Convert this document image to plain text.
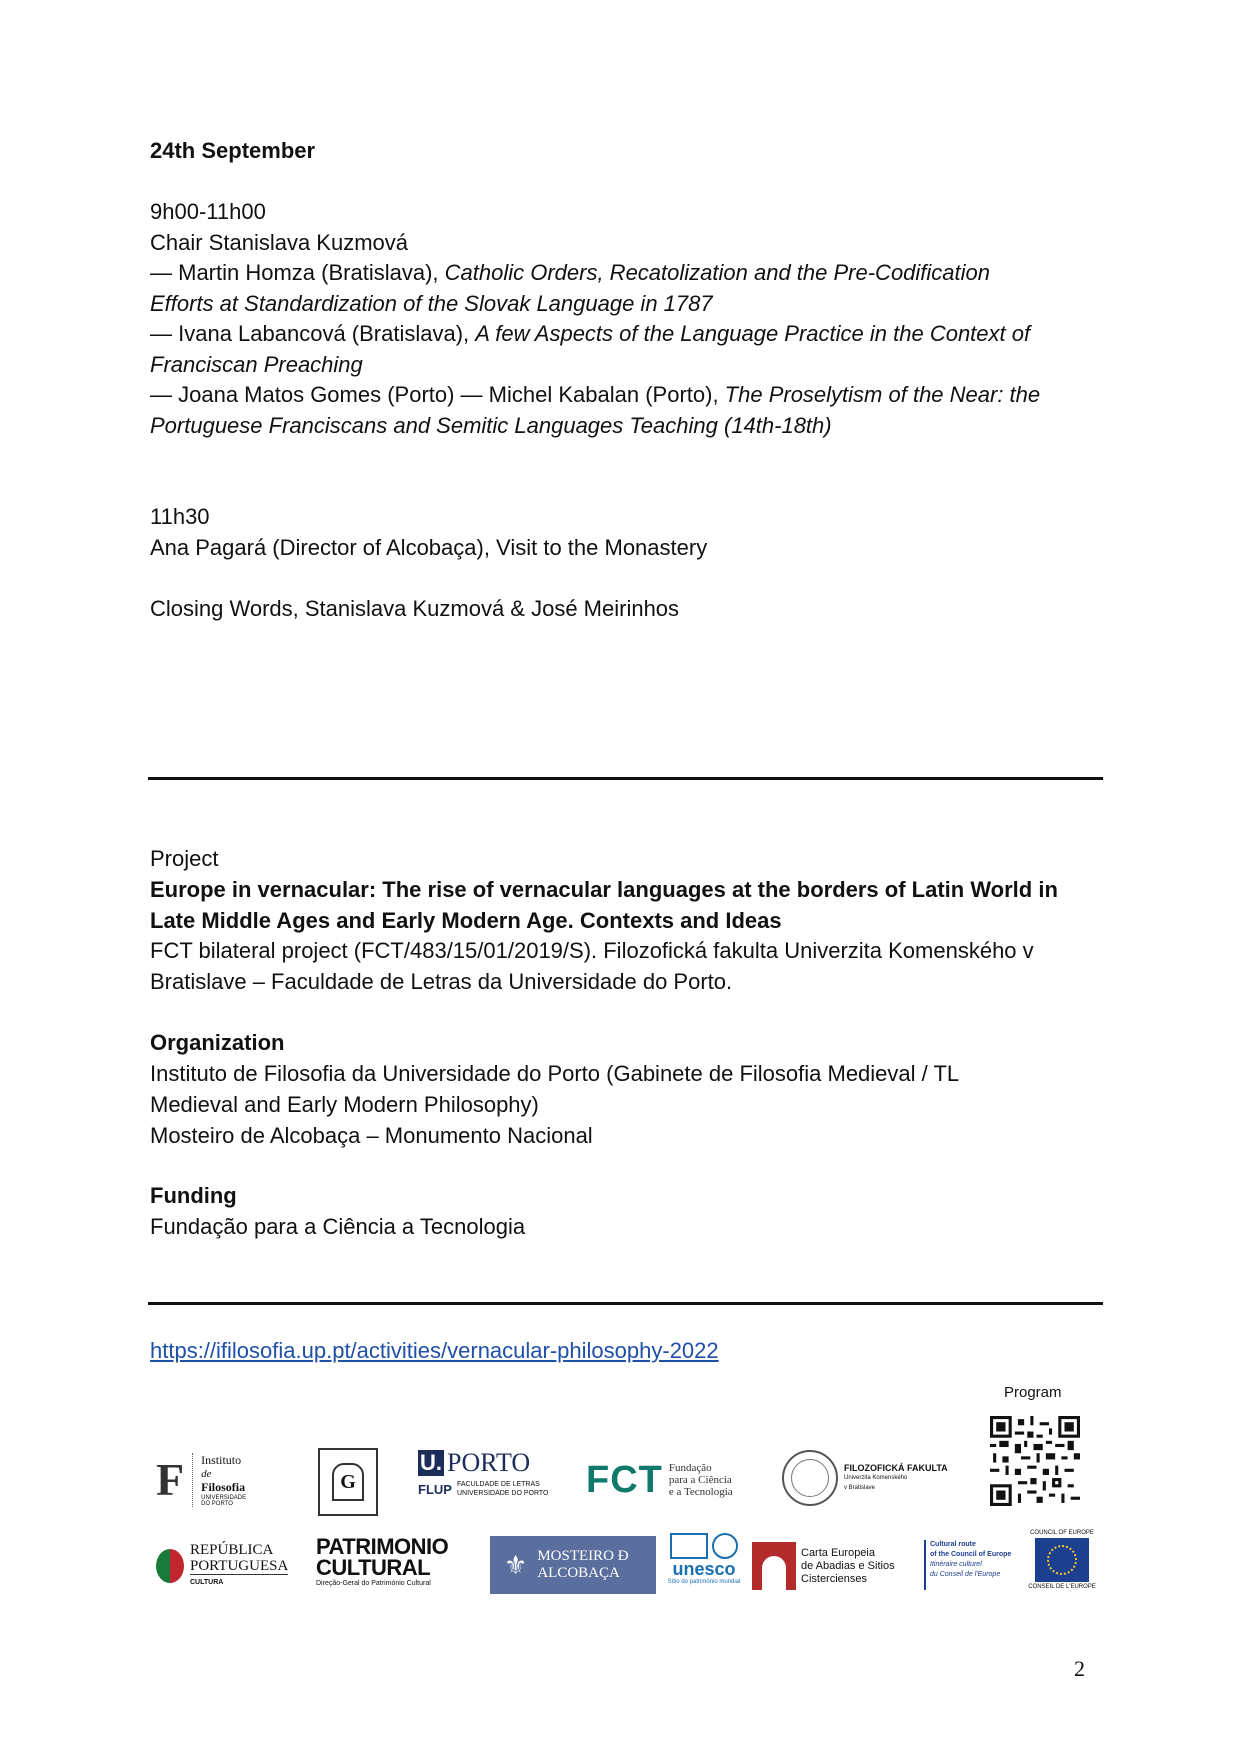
24th September
9h00-11h00
Chair Stanislava Kuzmová
— Martin Homza (Bratislava), Catholic Orders, Recatolization and the Pre-Codification
Efforts at Standardization of the Slovak Language in 1787
— Ivana Labancová (Bratislava), A few Aspects of the Language Practice in the Context of
Franciscan Preaching
— Joana Matos Gomes (Porto) — Michel Kabalan (Porto), The Proselytism of the Near: the
Portuguese Franciscans and Semitic Languages Teaching (14th-18th)
11h30
Ana Pagará (Director of Alcobaça), Visit to the Monastery
Closing Words, Stanislava Kuzmová & José Meirinhos
Project
Europe in vernacular: The rise of vernacular languages at the borders of Latin World in
Late Middle Ages and Early Modern Age. Contexts and Ideas
FCT bilateral project (FCT/483/15/01/2019/S). Filozofická fakulta Univerzita Komenského v
Bratislave – Faculdade de Letras da Universidade do Porto.
Organization
Instituto de Filosofia da Universidade do Porto (Gabinete de Filosofia Medieval / TL
Medieval and Early Modern Philosophy)
Mosteiro de Alcobaça – Monumento Nacional
Funding
Fundação para a Ciência a Tecnologia
https://ifilosofia.up.pt/activities/vernacular-philosophy-2022
Program
F Instituto
de
Filosofia
UNIVERSIDADE
DO PORTO
G
U. PORTO
FLUP FACULDADE DE LETRAS
UNIVERSIDADE DO PORTO FCT Fundação
para a Ciência
e a Tecnologia
FILOZOFICKÁ FAKULTA
Univerzita Komenského
v Bratislave
REPÚBLICA
PORTUGUESA
CULTURA
PATRIMONIO
CULTURAL
Direção-Geral do Património Cultural
⚜ MOSTEIRO Ð
ALCOBAÇA	unesco
Sítio do património mundial
Carta Europeia
de Abadias e Sitios
Cistercienses
Cultural route
of the Council of Europe
Itinéraire culturel
du Conseil de l'Europe
COUNCIL OF EUROPE
CONSEIL DE L'EUROPE
2
